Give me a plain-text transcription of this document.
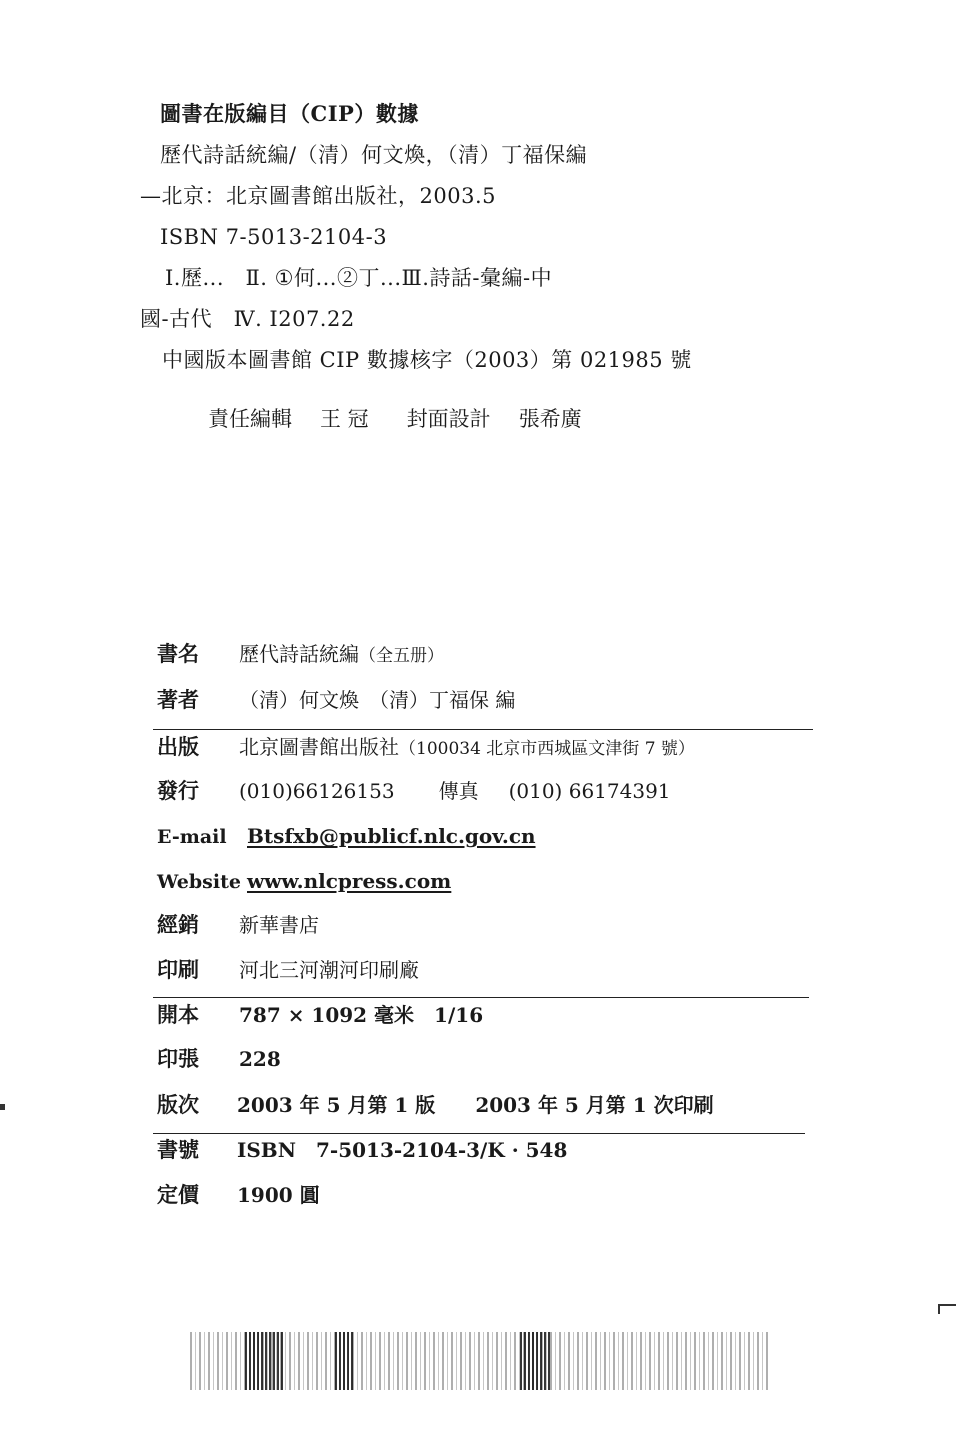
圖書在版編目（CIP）數據
歷代詩話統編/（清）何文煥，（清）丁福保編
—北京：北京圖書館出版社，2003.5
ISBN 7-5013-2104-3
Ⅰ.歷...　Ⅱ. ①何...②丁...Ⅲ.詩話-彙編-中
國-古代　Ⅳ. I207.22
中國版本圖書館 CIP 數據核字（2003）第 021985 號
責任編輯 王 冠 封面設計 張希廣
書名 歷代詩話統編（全五册）
著者 （清）何文煥　（清）丁福保 編
出版 北京圖書館出版社（100034 北京市西城區文津街 7 號）
發行 (010)66126153 傳真 (010) 66174391
E-mail Btsfxb@publicf.nlc.gov.cn
Website www.nlcpress.com
經銷 新華書店
印刷 河北三河潮河印刷廠
開本 787 × 1092 毫米　1/16
印張 228
版次 2003 年 5 月第 1 版 2003 年 5 月第 1 次印刷
書號 ISBN　7-5013-2104-3/K · 548
定價 1900 圓
